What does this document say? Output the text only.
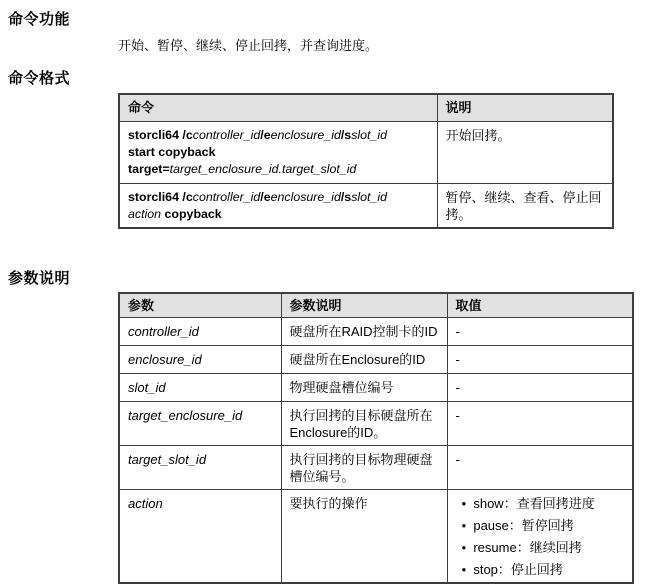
命令功能
开始、暂停、继续、停止回拷，并查询进度。
命令格式
命令	说明

storcli64 /ccontroller_id/eenclosure_id/sslot_id
start copyback
target=target_enclosure_id.target_slot_id	开始回拷。

storcli64 /ccontroller_id/eenclosure_id/sslot_id
action copyback	暂停、继续、查看、停止回拷。
参数说明
参数	参数说明	取值
controller_id	硬盘所在RAID控制卡的ID	-
enclosure_id	硬盘所在Enclosure的ID	-
slot_id	物理硬盘槽位编号	-
target_enclosure_id	执行回拷的目标硬盘所在Enclosure的ID。	-
target_slot_id	执行回拷的目标物理硬盘槽位编号。	-
action	要执行的操作	● show：查看回拷进度
● pause：暂停回拷
● resume：继续回拷
● stop：停止回拷
